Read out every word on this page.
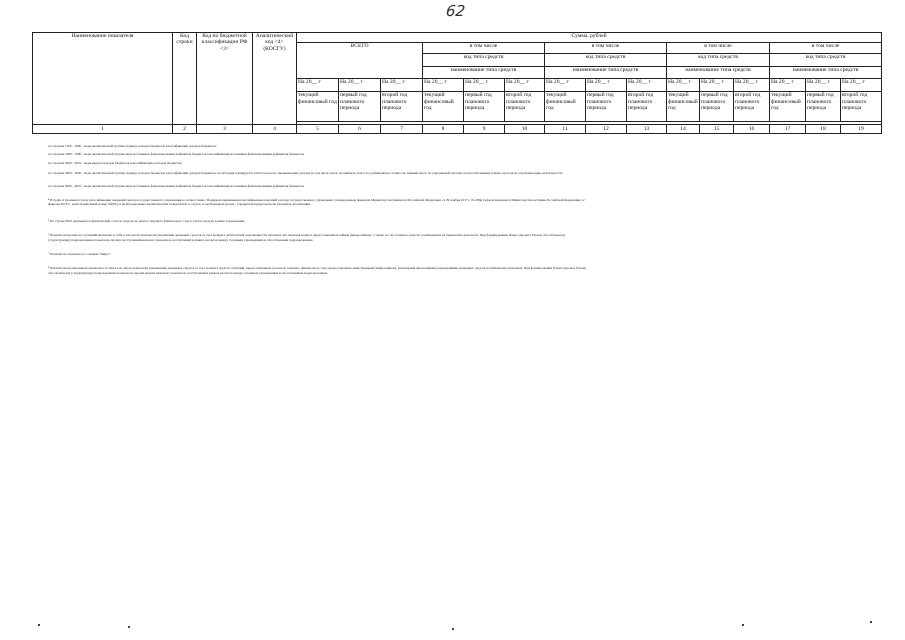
62
Наименование показателя	Код строки	Код по бюджетной классификации РФ <3>	Аналитический код <4> (КОСГУ)	Сумма, рублей														
				ВСЕГО			в том числе			в том числе			в том числе			в том числе		
							код типа средств			код типа средств			код типа средств			код типа средств		
							наименование типа средств			наименование типа средств			наименование типа средств			наименование типа средств		
				На 20__ г	На 20__ г	На 20__ г	На 20__ г	На 20__ г	На 20__ г	На 20__ г	На 20__ г	На 20__ г	На 20__ г	На 20__ г	На 20__ г	На 20__ г	На 20__ г	На 20__ г
				текущий финансовый год	первый год планового периода	второй год планового периода	текущий финансовый год	первый год планового периода	второй год планового периода	текущий финансовый год	первый год планового периода	второй год планового периода	текущий финансовый год	первый год планового периода	второй год планового периода	текущий финансовый год	первый год планового периода	второй год планового периода

1	2	3	4	5	6	7	8	9	10	11	12	13	14	15	16	17	18	19

по строкам 1100 - 1900 - коды аналитической группы подвида доходов бюджетов классификации доходов бюджетов;

по строкам 1980 - 1990 - коды аналитической группы вида источников финансирования дефицитов бюджетов классификации источников финансирования дефицитов бюджетов;

по строкам 2000 - 2652 - коды видов расходов бюджетов классификации расходов бюджетов;

по строкам 3000 - 3030 - коды аналитической группы подвида доходов бюджетов классификации доходов бюджетов, по которым планируется уплата налогов, уменьшающих доходы (в том числе налог на прибыль, налог на добавленную стоимость, единый налог по упрощенной системе налогообложения) и иных налогов на отдельные виды деятельности;

по строкам 4000 - 4010 - коды аналитической группы вида источников финансирования дефицитов бюджетов классификации источников финансирования дефицитов бюджетов.

⁴ В графе 4 указывается код классификации операций сектора государственного управления в соответствии с Порядком применения классификации операций сектора государственного управления, утвержденным приказом Министерства финансов Российской Федерации от 29 ноября 2017 г. № 209н (зарегистрирован в Министерстве юстиции Российской Федерации 12 февраля 2018 г., регистрационный номер 50003), и (или) коды иных аналитических показателей, в случае, если Порядком органа - учредителя предусмотрена указанная детализация.

⁵ По строке 0001 указывается фактический остаток средств на начало текущего финансового года в учетах средств в иных учреждениях

⁶ Показатели прочих поступлений включают в себя в том числе показатели увеличения денежных средств за счет возврата дебиторской задолженности прошлых лет, включая возврат предоставленных займов (микрозаймов), а также за счет возврата средств, размещенных на банковских депозитах. При формировании Плана (проекта Плана) обособленному (структурному) подразделению показатель прочих поступлений включает показатель поступлений в рамках расчетов между головным учреждением и обособленным подразделением.

⁷ Показатель отражается со знаком "минус".

⁸ Показатели прочих выплат включают в себя в том числе показатели уменьшения денежных средств за счет возврата средств субсидий, предоставленных до начала текущего финансового года, предоставления заимствований (микрозаймов), размещения автономными учреждениями денежных средств на банковских депозитах. При формировании Плана (проекта Плана) обособленному (структурному) подразделению показатель прочих выплат включает показатель поступлений в рамках расчетов между головным учреждением и обособленным подразделением.
